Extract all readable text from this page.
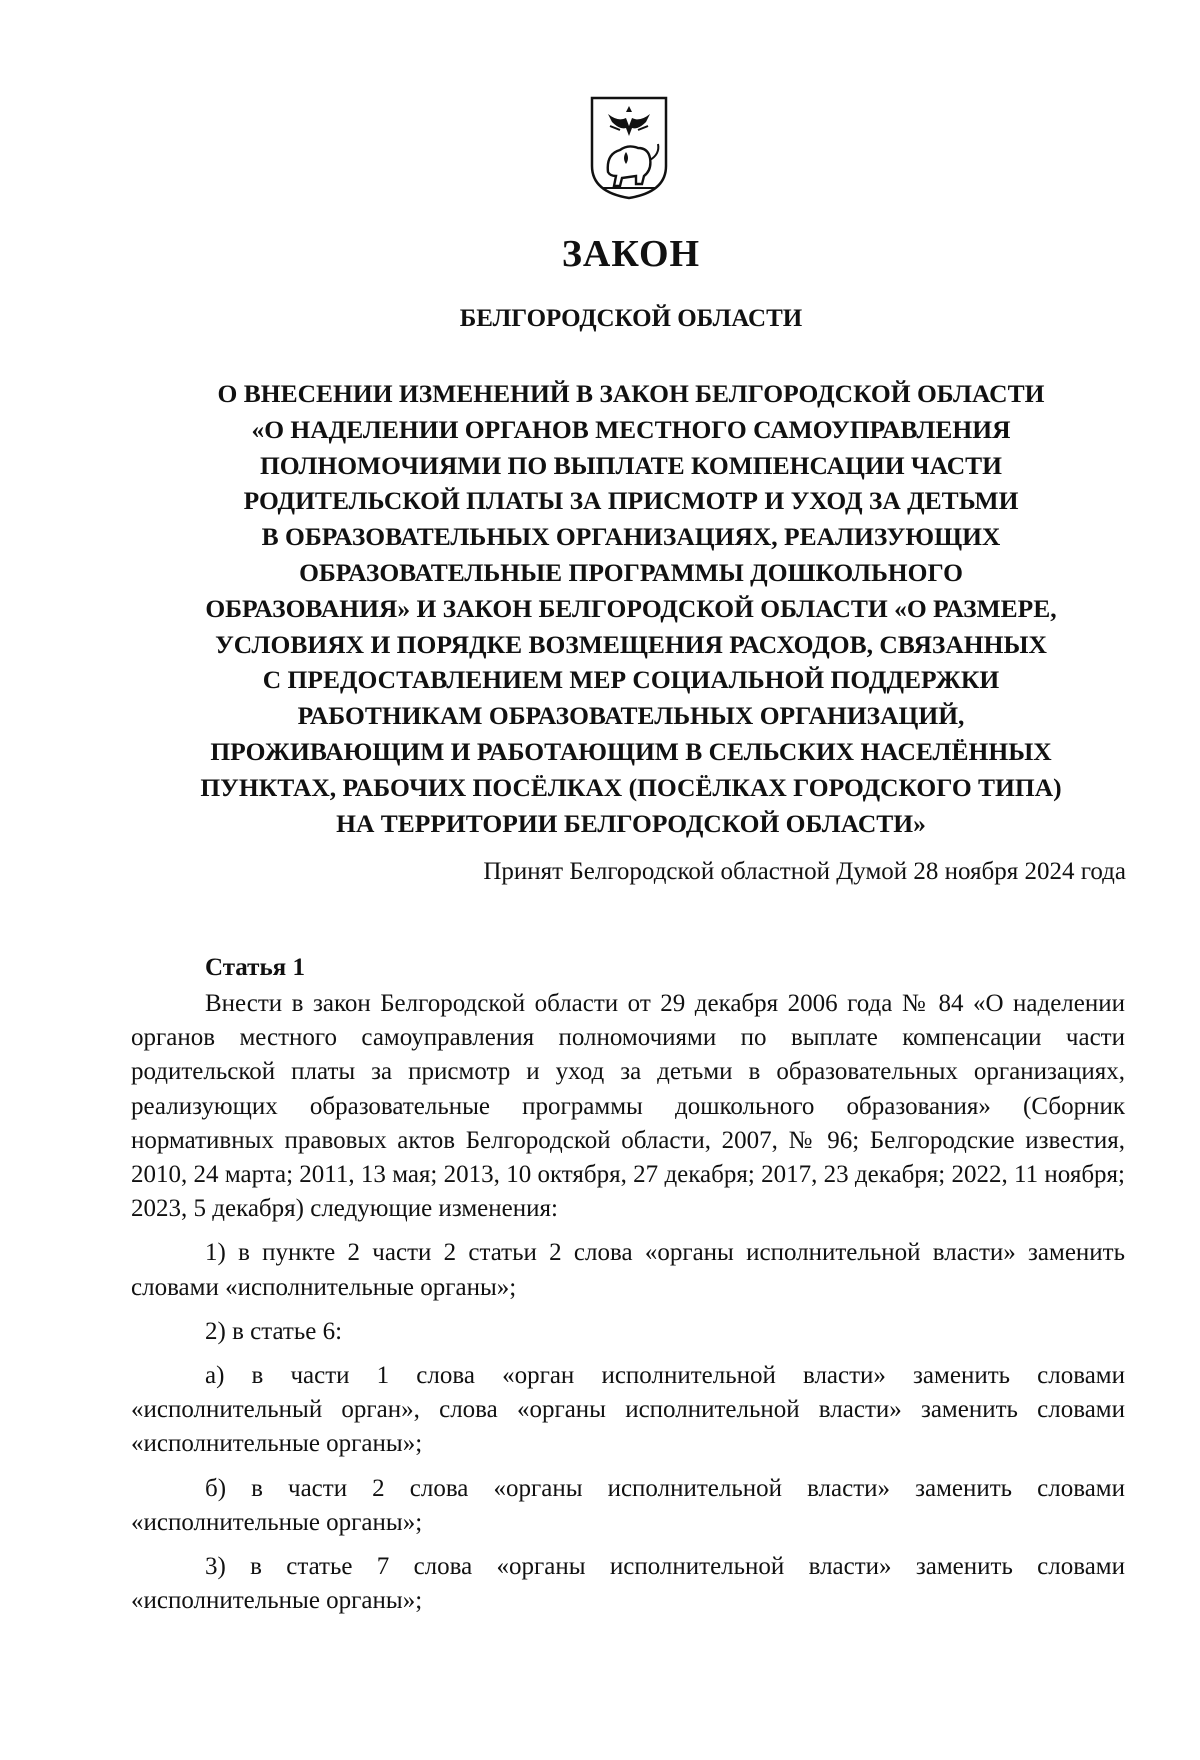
ЗАКОН
БЕЛГОРОДСКОЙ ОБЛАСТИ
О ВНЕСЕНИИ ИЗМЕНЕНИЙ В ЗАКОН БЕЛГОРОДСКОЙ ОБЛАСТИ
«О НАДЕЛЕНИИ ОРГАНОВ МЕСТНОГО САМОУПРАВЛЕНИЯ
ПОЛНОМОЧИЯМИ ПО ВЫПЛАТЕ КОМПЕНСАЦИИ ЧАСТИ
РОДИТЕЛЬСКОЙ ПЛАТЫ ЗА ПРИСМОТР И УХОД ЗА ДЕТЬМИ
В ОБРАЗОВАТЕЛЬНЫХ ОРГАНИЗАЦИЯХ, РЕАЛИЗУЮЩИХ
ОБРАЗОВАТЕЛЬНЫЕ ПРОГРАММЫ ДОШКОЛЬНОГО
ОБРАЗОВАНИЯ» И ЗАКОН БЕЛГОРОДСКОЙ ОБЛАСТИ «О РАЗМЕРЕ,
УСЛОВИЯХ И ПОРЯДКЕ ВОЗМЕЩЕНИЯ РАСХОДОВ, СВЯЗАННЫХ
С ПРЕДОСТАВЛЕНИЕМ МЕР СОЦИАЛЬНОЙ ПОДДЕРЖКИ
РАБОТНИКАМ ОБРАЗОВАТЕЛЬНЫХ ОРГАНИЗАЦИЙ,
ПРОЖИВАЮЩИМ И РАБОТАЮЩИМ В СЕЛЬСКИХ НАСЕЛЁННЫХ
ПУНКТАХ, РАБОЧИХ ПОСЁЛКАХ (ПОСЁЛКАХ ГОРОДСКОГО ТИПА)
НА ТЕРРИТОРИИ БЕЛГОРОДСКОЙ ОБЛАСТИ»
Принят Белгородской областной Думой 28 ноября 2024 года
Статья 1

Внести в закон Белгородской области от 29 декабря 2006 года № 84 «О наделении органов местного самоуправления полномочиями по выплате компенсации части родительской платы за присмотр и уход за детьми в образовательных организациях, реализующих образовательные программы дошкольного образования» (Сборник нормативных правовых актов Белгородской области, 2007, № 96; Белгородские известия, 2010, 24 марта; 2011, 13 мая; 2013, 10 октября, 27 декабря; 2017, 23 декабря; 2022, 11 ноября; 2023, 5 декабря) следующие изменения:

1) в пункте 2 части 2 статьи 2 слова «органы исполнительной власти» заменить словами «исполнительные органы»;

2) в статье 6:

а) в части 1 слова «орган исполнительной власти» заменить словами «исполнительный орган», слова «органы исполнительной власти» заменить словами «исполнительные органы»;

б) в части 2 слова «органы исполнительной власти» заменить словами «исполнительные органы»;

3) в статье 7 слова «органы исполнительной власти» заменить словами «исполнительные органы»;
